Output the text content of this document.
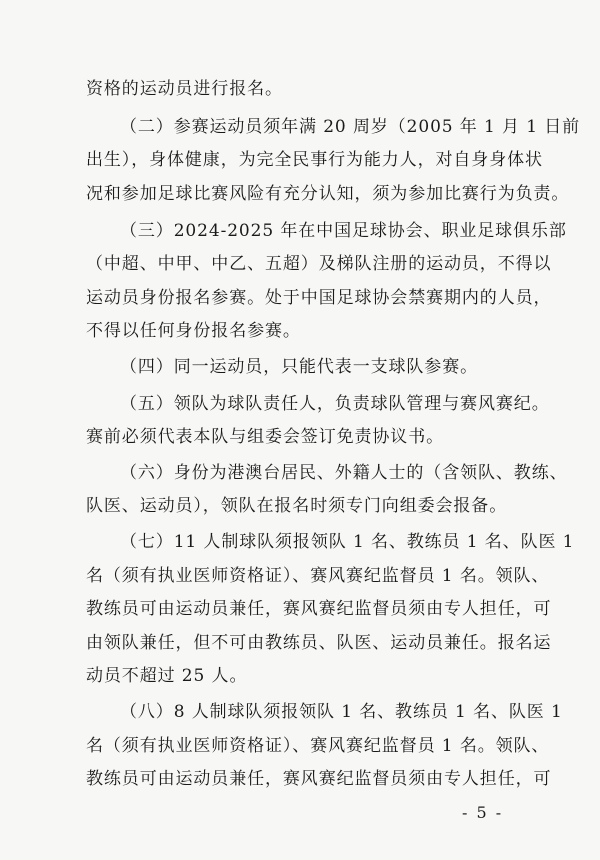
资格的运动员进行报名。
（二）参赛运动员须年满 20 周岁（2005 年 1 月 1 日前
出生），身体健康，为完全民事行为能力人，对自身身体状
况和参加足球比赛风险有充分认知，须为参加比赛行为负责。
（三）2024-2025 年在中国足球协会、职业足球俱乐部
（中超、中甲、中乙、五超）及梯队注册的运动员，不得以
运动员身份报名参赛。处于中国足球协会禁赛期内的人员，
不得以任何身份报名参赛。
（四）同一运动员，只能代表一支球队参赛。
（五）领队为球队责任人，负责球队管理与赛风赛纪。
赛前必须代表本队与组委会签订免责协议书。
（六）身份为港澳台居民、外籍人士的（含领队、教练、
队医、运动员），领队在报名时须专门向组委会报备。
（七）11 人制球队须报领队 1 名、教练员 1 名、队医 1
名（须有执业医师资格证）、赛风赛纪监督员 1 名。领队、
教练员可由运动员兼任，赛风赛纪监督员须由专人担任，可
由领队兼任，但不可由教练员、队医、运动员兼任。报名运
动员不超过 25 人。
（八）8 人制球队须报领队 1 名、教练员 1 名、队医 1
名（须有执业医师资格证）、赛风赛纪监督员 1 名。领队、
教练员可由运动员兼任，赛风赛纪监督员须由专人担任，可
- 5 -
